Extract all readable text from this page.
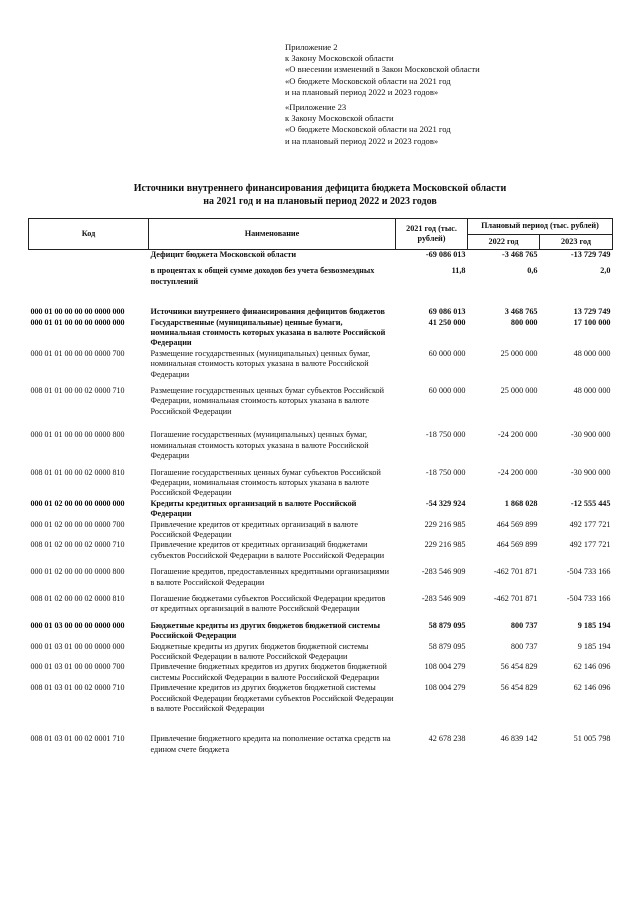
Приложение 2
к Закону Московской области
«О внесении изменений в Закон Московской области
«О бюджете Московской области на 2021 год
и на плановый период 2022 и 2023 годов»
«Приложение 23
к Закону Московской области
«О бюджете Московской области на 2021 год
и на плановый период 2022 и 2023 годов»
Источники внутреннего финансирования дефицита бюджета Московской области
на 2021 год и на плановый период 2022 и 2023 годов
Код	Наименование	2021 год (тыс. рублей)	Плановый период (тыс. рублей)	
			2022 год	2023 год
	Дефицит бюджета Московской области	-69 086 013	-3 468 765	-13 729 749
	в процентах к общей сумме доходов без учета безвозмездных поступлений	11,8	0,6	2,0
000 01 00 00 00 00 0000 000	Источники внутреннего финансирования дефицитов бюджетов	69 086 013	3 468 765	13 729 749
000 01 01 00 00 00 0000 000	Государственные (муниципальные) ценные бумаги, номинальная стоимость которых указана в валюте Российской Федерации	41 250 000	800 000	17 100 000
000 01 01 00 00 00 0000 700	Размещение государственных (муниципальных) ценных бумаг, номинальная стоимость которых указана в валюте Российской Федерации	60 000 000	25 000 000	48 000 000
008 01 01 00 00 02 0000 710	Размещение государственных ценных бумаг субъектов Российской Федерации, номинальная стоимость которых указана в валюте Российской Федерации	60 000 000	25 000 000	48 000 000
000 01 01 00 00 00 0000 800	Погашение государственных (муниципальных) ценных бумаг, номинальная стоимость которых указана в валюте Российской Федерации	-18 750 000	-24 200 000	-30 900 000
008 01 01 00 00 02 0000 810	Погашение государственных ценных бумаг субъектов Российской Федерации, номинальная стоимость которых указана в валюте Российской Федерации	-18 750 000	-24 200 000	-30 900 000
000 01 02 00 00 00 0000 000	Кредиты кредитных организаций в валюте Российской Федерации	-54 329 924	1 868 028	-12 555 445
000 01 02 00 00 00 0000 700	Привлечение кредитов от кредитных организаций в валюте Российской Федерации	229 216 985	464 569 899	492 177 721
008 01 02 00 00 02 0000 710	Привлечение кредитов от кредитных организаций бюджетами субъектов Российской Федерации в валюте Российской Федерации	229 216 985	464 569 899	492 177 721
000 01 02 00 00 00 0000 800	Погашение кредитов, предоставленных кредитными организациями в валюте Российской Федерации	-283 546 909	-462 701 871	-504 733 166
008 01 02 00 00 02 0000 810	Погашение бюджетами субъектов Российской Федерации кредитов от кредитных организаций в валюте Российской Федерации	-283 546 909	-462 701 871	-504 733 166
000 01 03 00 00 00 0000 000	Бюджетные кредиты из других бюджетов бюджетной системы Российской Федерации	58 879 095	800 737	9 185 194
000 01 03 01 00 00 0000 000	Бюджетные кредиты из других бюджетов бюджетной системы Российской Федерации в валюте Российской Федерации	58 879 095	800 737	9 185 194
000 01 03 01 00 00 0000 700	Привлечение бюджетных кредитов из других бюджетов бюджетной системы Российской Федерации в валюте Российской Федерации	108 004 279	56 454 829	62 146 096
008 01 03 01 00 02 0000 710	Привлечение кредитов из других бюджетов бюджетной системы Российской Федерации бюджетами субъектов Российской Федерации в валюте Российской Федерации	108 004 279	56 454 829	62 146 096
008 01 03 01 00 02 0001 710	Привлечение бюджетного кредита на пополнение остатка средств на едином счете бюджета	42 678 238	46 839 142	51 005 798
